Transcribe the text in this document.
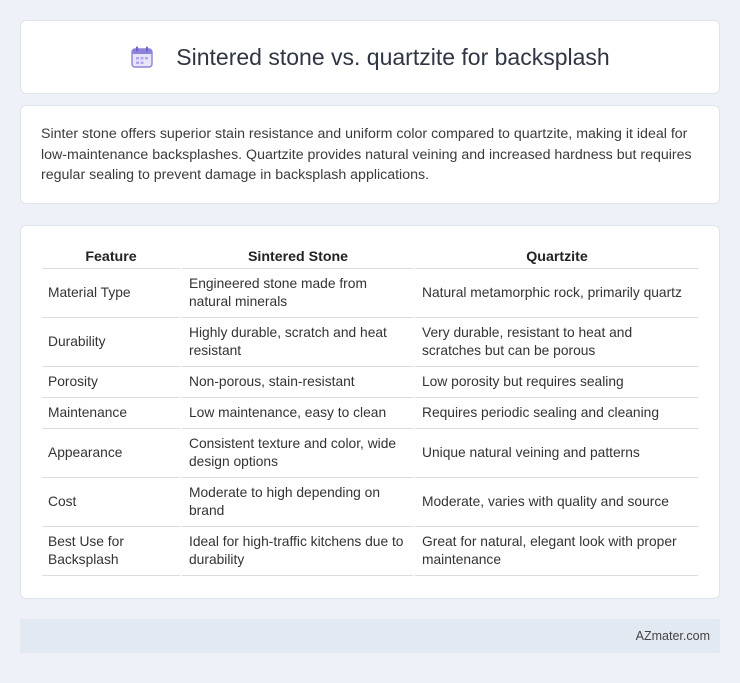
Sintered stone vs. quartzite for backsplash

Sinter stone offers superior stain resistance and uniform color compared to quartzite, making it ideal for low-maintenance backsplashes. Quartzite provides natural veining and increased hardness but requires regular sealing to prevent damage in backsplash applications.

Feature	Sintered Stone	Quartzite
Material Type	Engineered stone made from natural minerals	Natural metamorphic rock, primarily quartz
Durability	Highly durable, scratch and heat resistant	Very durable, resistant to heat and scratches but can be porous
Porosity	Non-porous, stain-resistant	Low porosity but requires sealing
Maintenance	Low maintenance, easy to clean	Requires periodic sealing and cleaning
Appearance	Consistent texture and color, wide design options	Unique natural veining and patterns
Cost	Moderate to high depending on brand	Moderate, varies with quality and source
Best Use for Backsplash	Ideal for high-traffic kitchens due to durability	Great for natural, elegant look with proper maintenance
AZmater.com
